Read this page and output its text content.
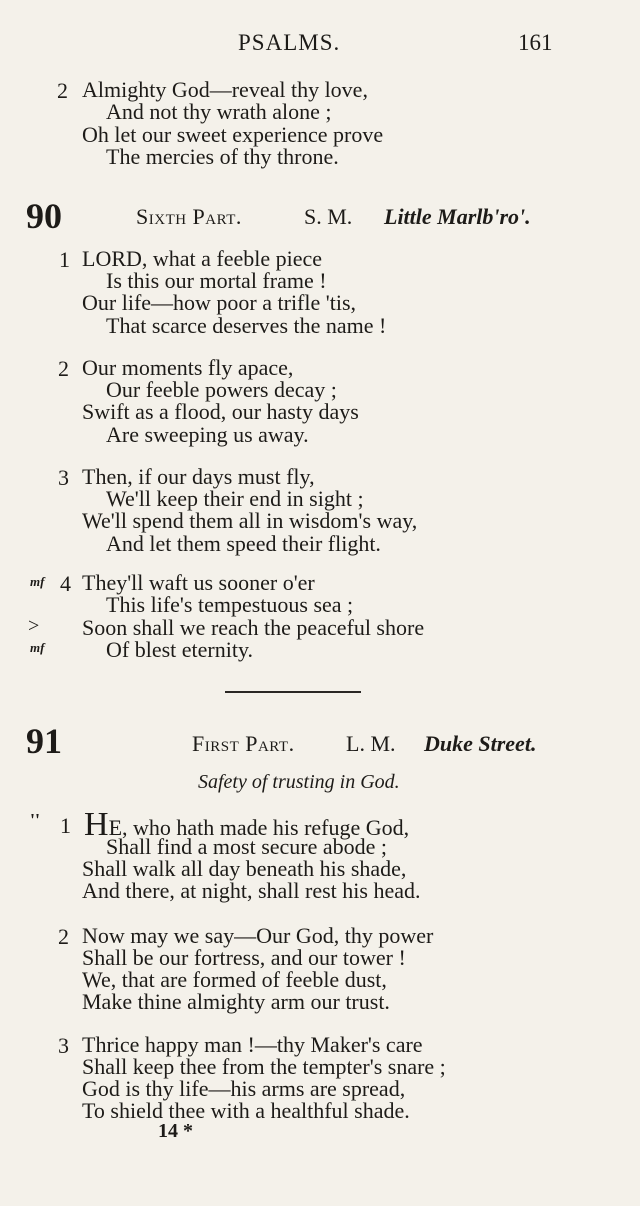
PSALMS.	161
2 Almighty God—reveal thy love,
And not thy wrath alone ;
Oh let our sweet experience prove
The mercies of thy throne.
90	Sixth Part.	S. M. Little Marlb'ro'.
1 LORD, what a feeble piece
Is this our mortal frame !
Our life—how poor a trifle 'tis,
That scarce deserves the name !
2 Our moments fly apace,
Our feeble powers decay ;
Swift as a flood, our hasty days
Are sweeping us away.
3 Then, if our days must fly,
We'll keep their end in sight ;
We'll spend them all in wisdom's way,
And let them speed their flight.
mf 4 They'll waft us sooner o'er
This life's tempestuous sea ;
> Soon shall we reach the peaceful shore
mf	Of blest eternity.
91	First Part. L. M. Duke Street.
Safety of trusting in God.
'' 1 HE, who hath made his refuge God,
Shall find a most secure abode ;
Shall walk all day beneath his shade,
And there, at night, shall rest his head.
2 Now may we say—Our God, thy power
Shall be our fortress, and our tower !
We, that are formed of feeble dust,
Make thine almighty arm our trust.
3 Thrice happy man !—thy Maker's care
Shall keep thee from the tempter's snare ;
God is thy life—his arms are spread,
To shield thee with a healthful shade.
14 *
